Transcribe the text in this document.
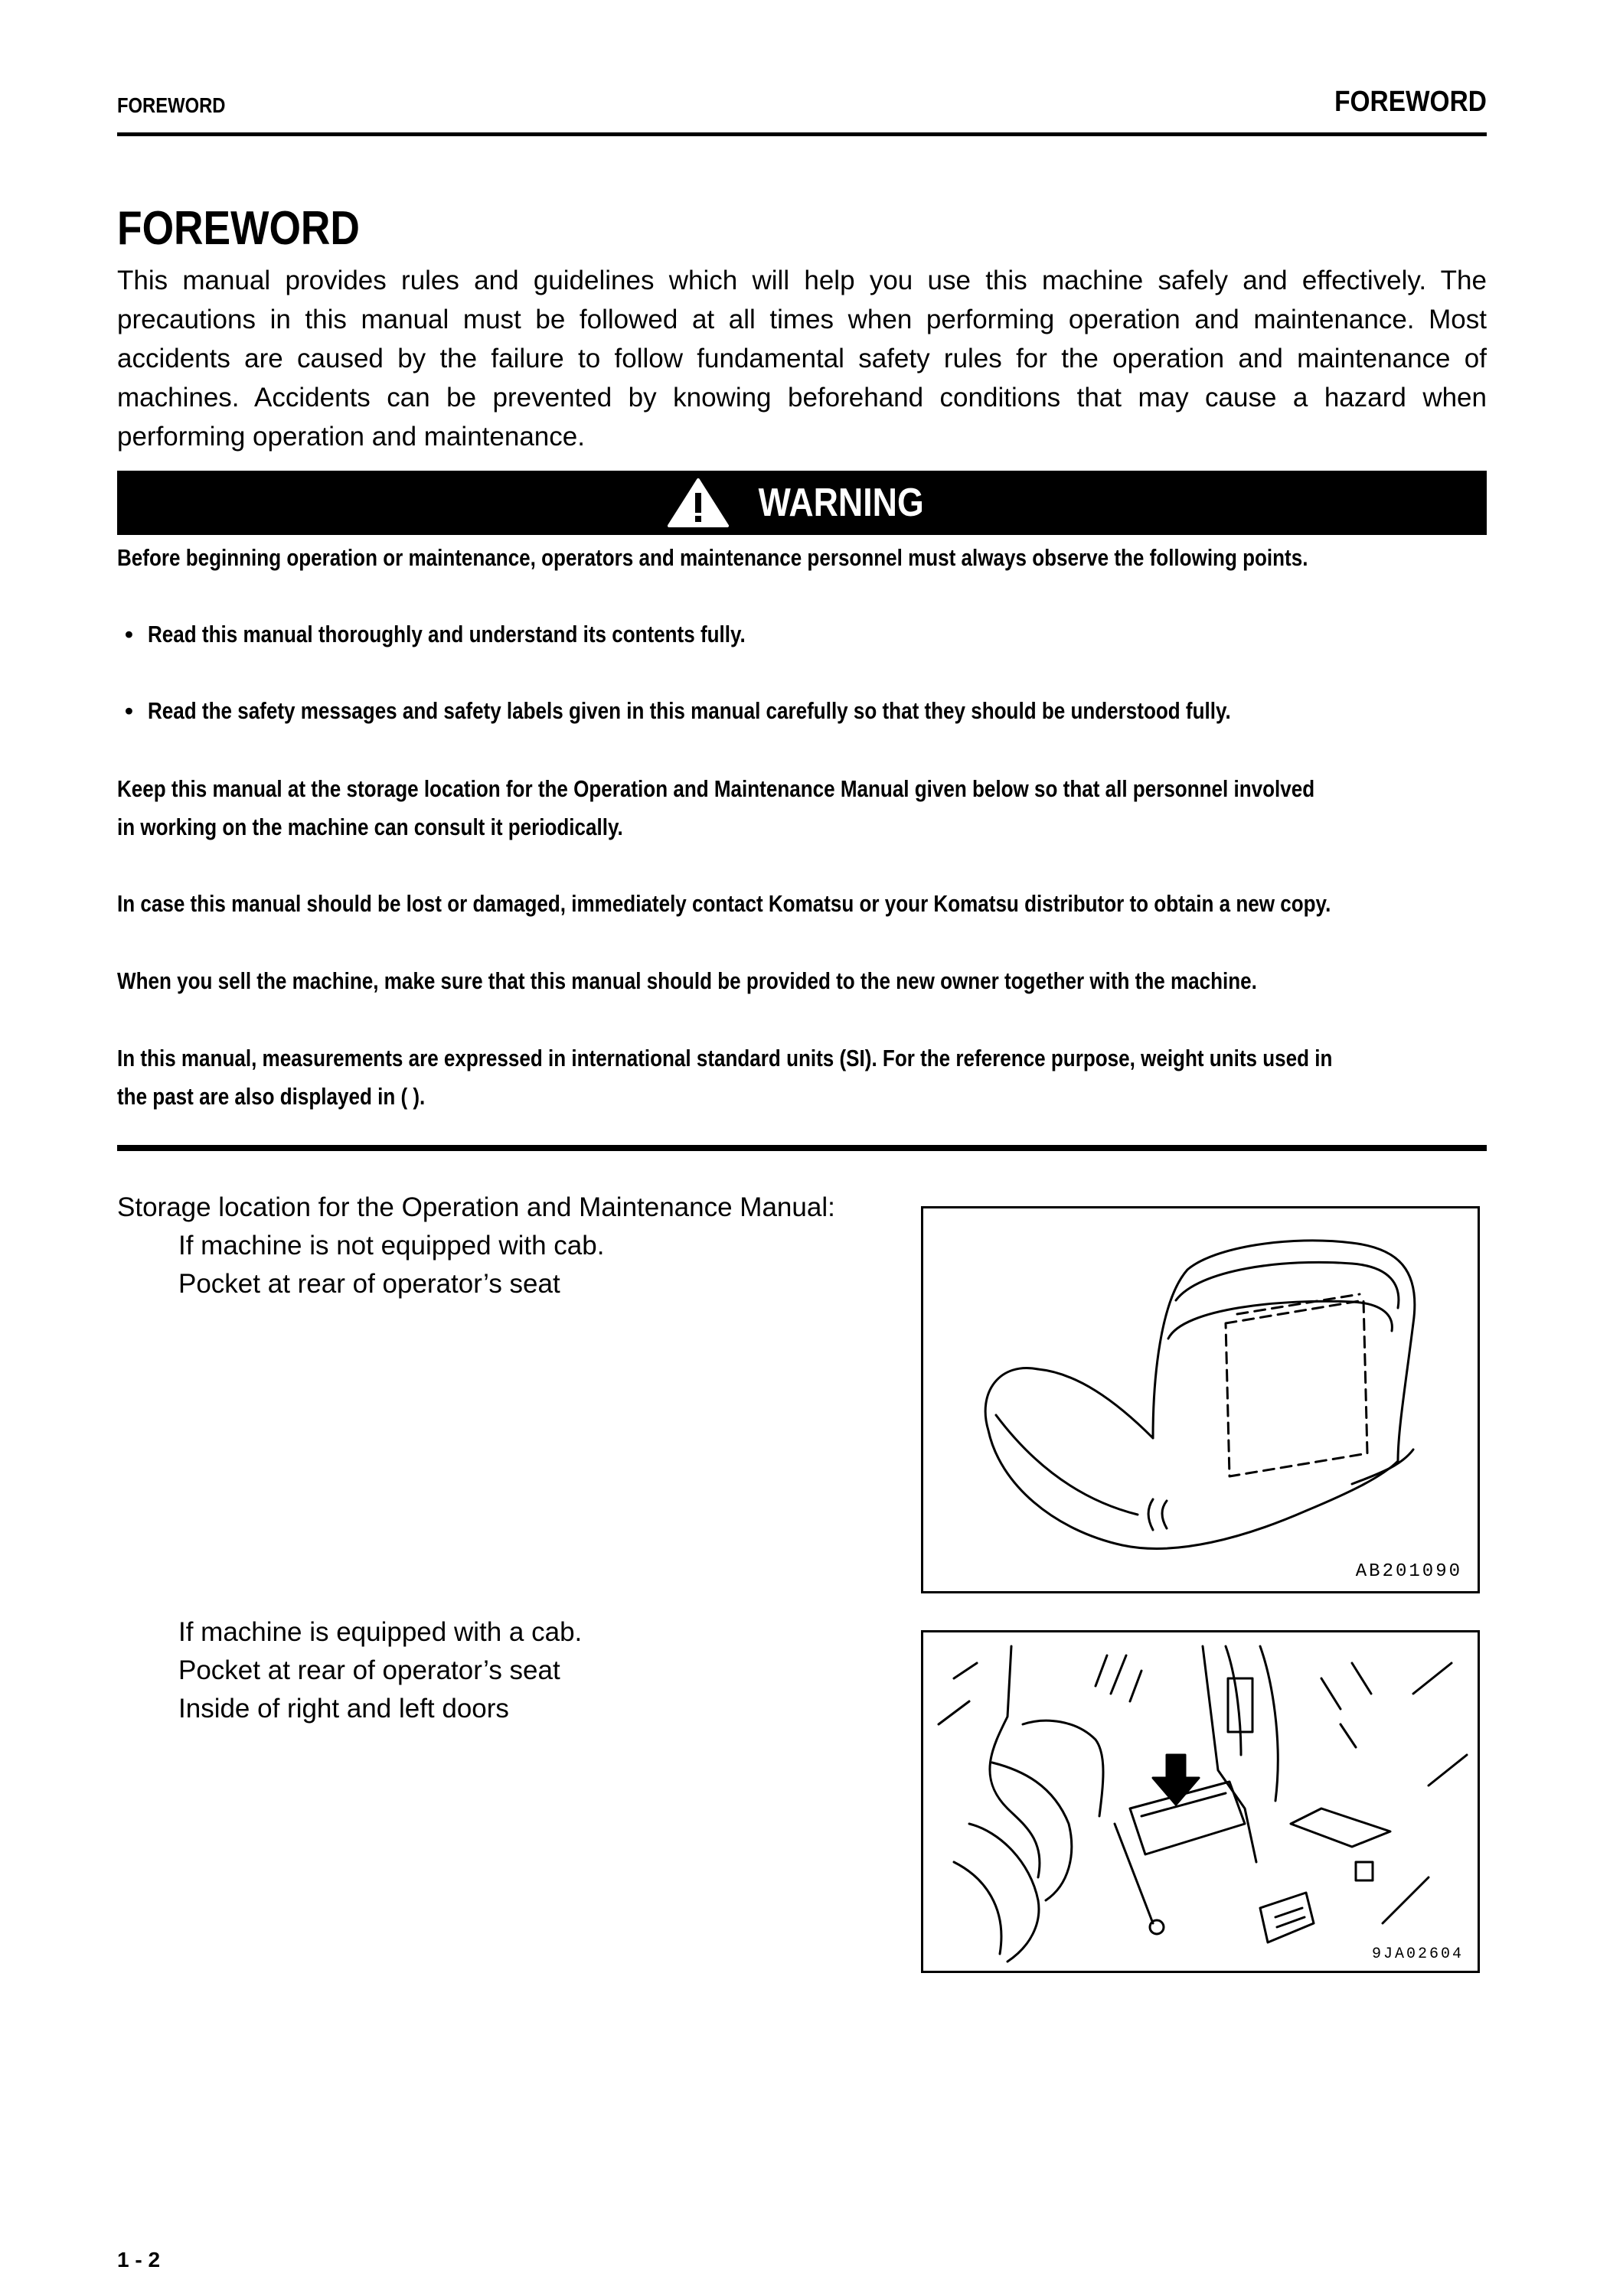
FOREWORD	FOREWORD
FOREWORD

This manual provides rules and guidelines which will help you use this machine safely and effectively. The precautions in this manual must be followed at all times when performing operation and maintenance. Most accidents are caused by the failure to follow fundamental safety rules for the operation and maintenance of machines. Accidents can be prevented by knowing beforehand conditions that may cause a hazard when performing operation and maintenance.

WARNING

Before beginning operation or maintenance, operators and maintenance personnel must always observe the following points.

• Read this manual thoroughly and understand its contents fully.
• Read the safety messages and safety labels given in this manual carefully so that they should be understood fully.

Keep this manual at the storage location for the Operation and Maintenance Manual given below so that all personnel involved

in working on the machine can consult it periodically.

In case this manual should be lost or damaged, immediately contact Komatsu or your Komatsu distributor to obtain a new copy.

When you sell the machine, make sure that this manual should be provided to the new owner together with the machine.

In this manual, measurements are expressed in international standard units (SI). For the reference purpose, weight units used in

the past are also displayed in ( ).

Storage location for the Operation and Maintenance Manual:
If machine is not equipped with cab.
Pocket at rear of operator’s seat
If machine is equipped with a cab.
Pocket at rear of operator’s seat
Inside of right and left doors
AB201090
9JA02604
1 - 2
